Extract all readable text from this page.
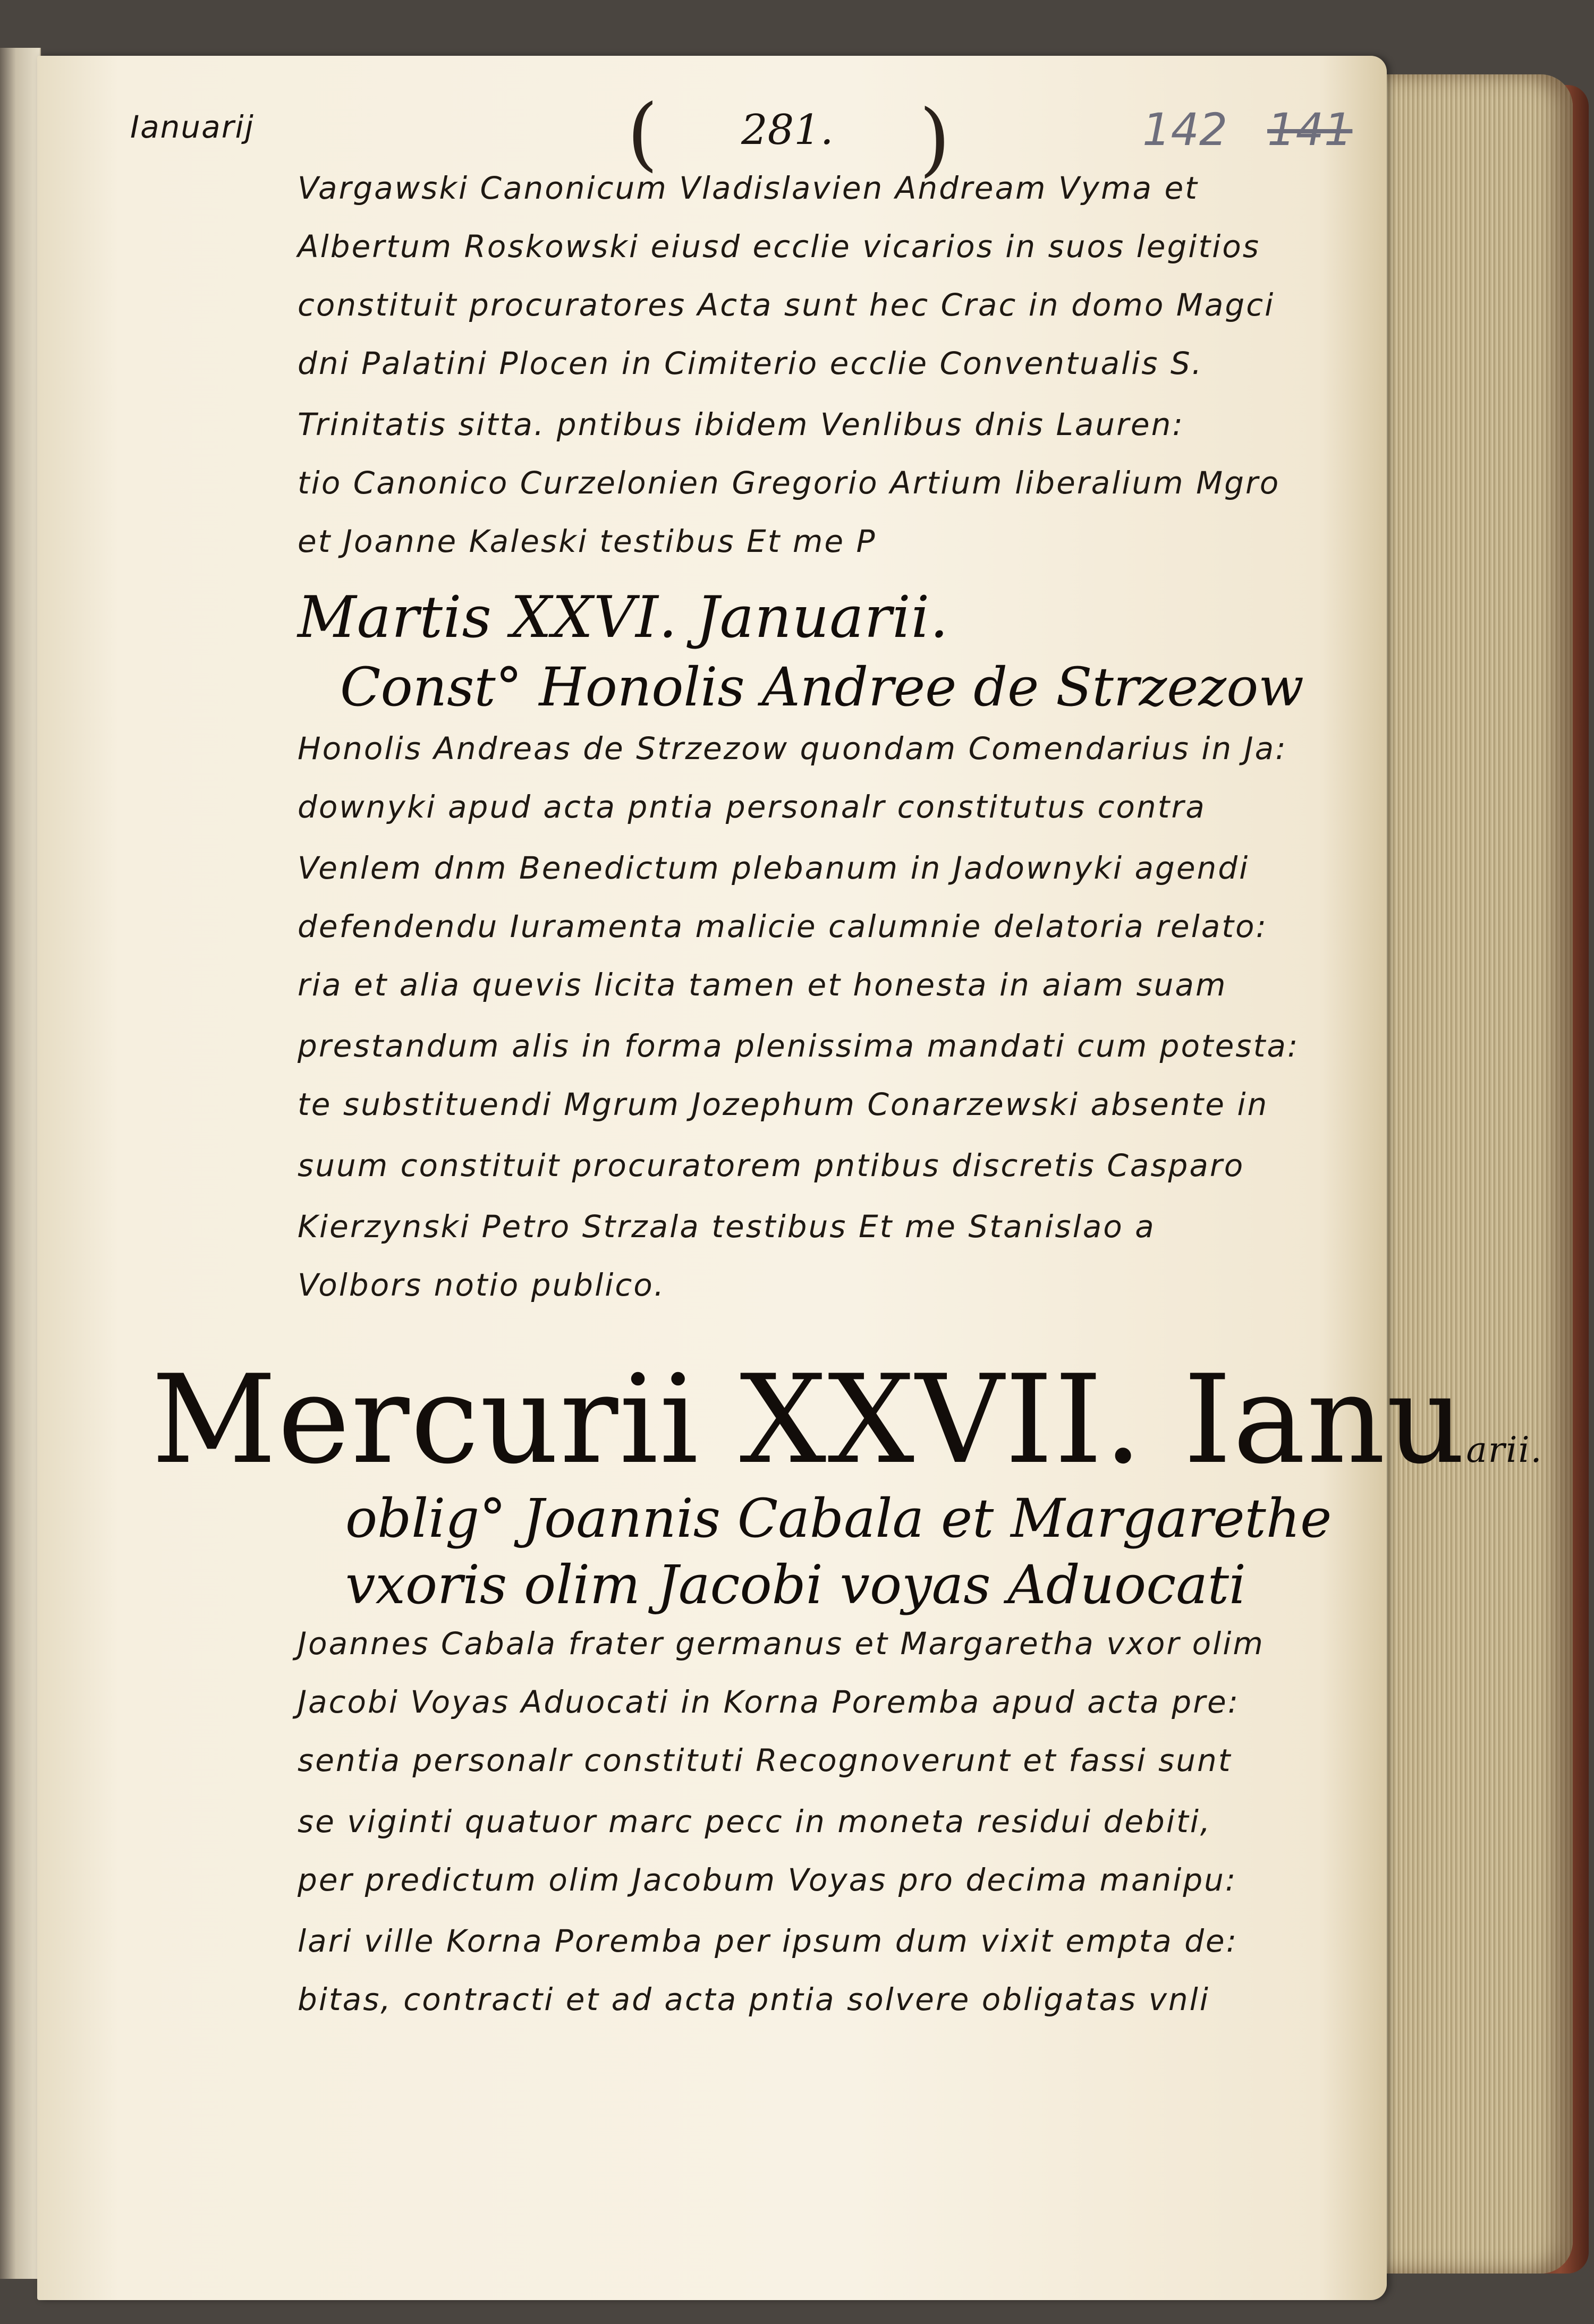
Ianuarij	( 281. )	142 141
Vargawski Canonicum Vladislavien Andream Vyma et
Albertum Roskowski eiusd ecclie vicarios in suos legitios
constituit procuratores Acta sunt hec Crac in domo Magci
dni Palatini Plocen in Cimiterio ecclie Conventualis S.
Trinitatis sitta. pntibus ibidem Venlibus dnis Lauren:
tio Canonico Curzelonien Gregorio Artium liberalium Mgro
et Joanne Kaleski testibus Et me P
Martis XXVI. Januarii.
Const° Honolis Andree de Strzezow
Honolis Andreas de Strzezow quondam Comendarius in Ja:
downyki apud acta pntia personalr constitutus contra
Venlem dnm Benedictum plebanum in Jadownyki agendi
defendendu Iuramenta malicie calumnie delatoria relato:
ria et alia quevis licita tamen et honesta in aiam suam
prestandum alis in forma plenissima mandati cum potesta:
te substituendi Mgrum Jozephum Conarzewski absente in
suum constituit procuratorem pntibus discretis Casparo
Kierzynski Petro Strzala testibus Et me Stanislao a
Volbors notio publico.
Mercurii XXVII. Ianuarii.
oblig° Joannis Cabala et Margarethe
vxoris olim Jacobi voyas Aduocati
Joannes Cabala frater germanus et Margaretha vxor olim
Jacobi Voyas Aduocati in Korna Poremba apud acta pre:
sentia personalr constituti Recognoverunt et fassi sunt
se viginti quatuor marc pecc in moneta residui debiti,
per predictum olim Jacobum Voyas pro decima manipu:
lari ville Korna Poremba per ipsum dum vixit empta de:
bitas, contracti et ad acta pntia solvere obligatas vnli
